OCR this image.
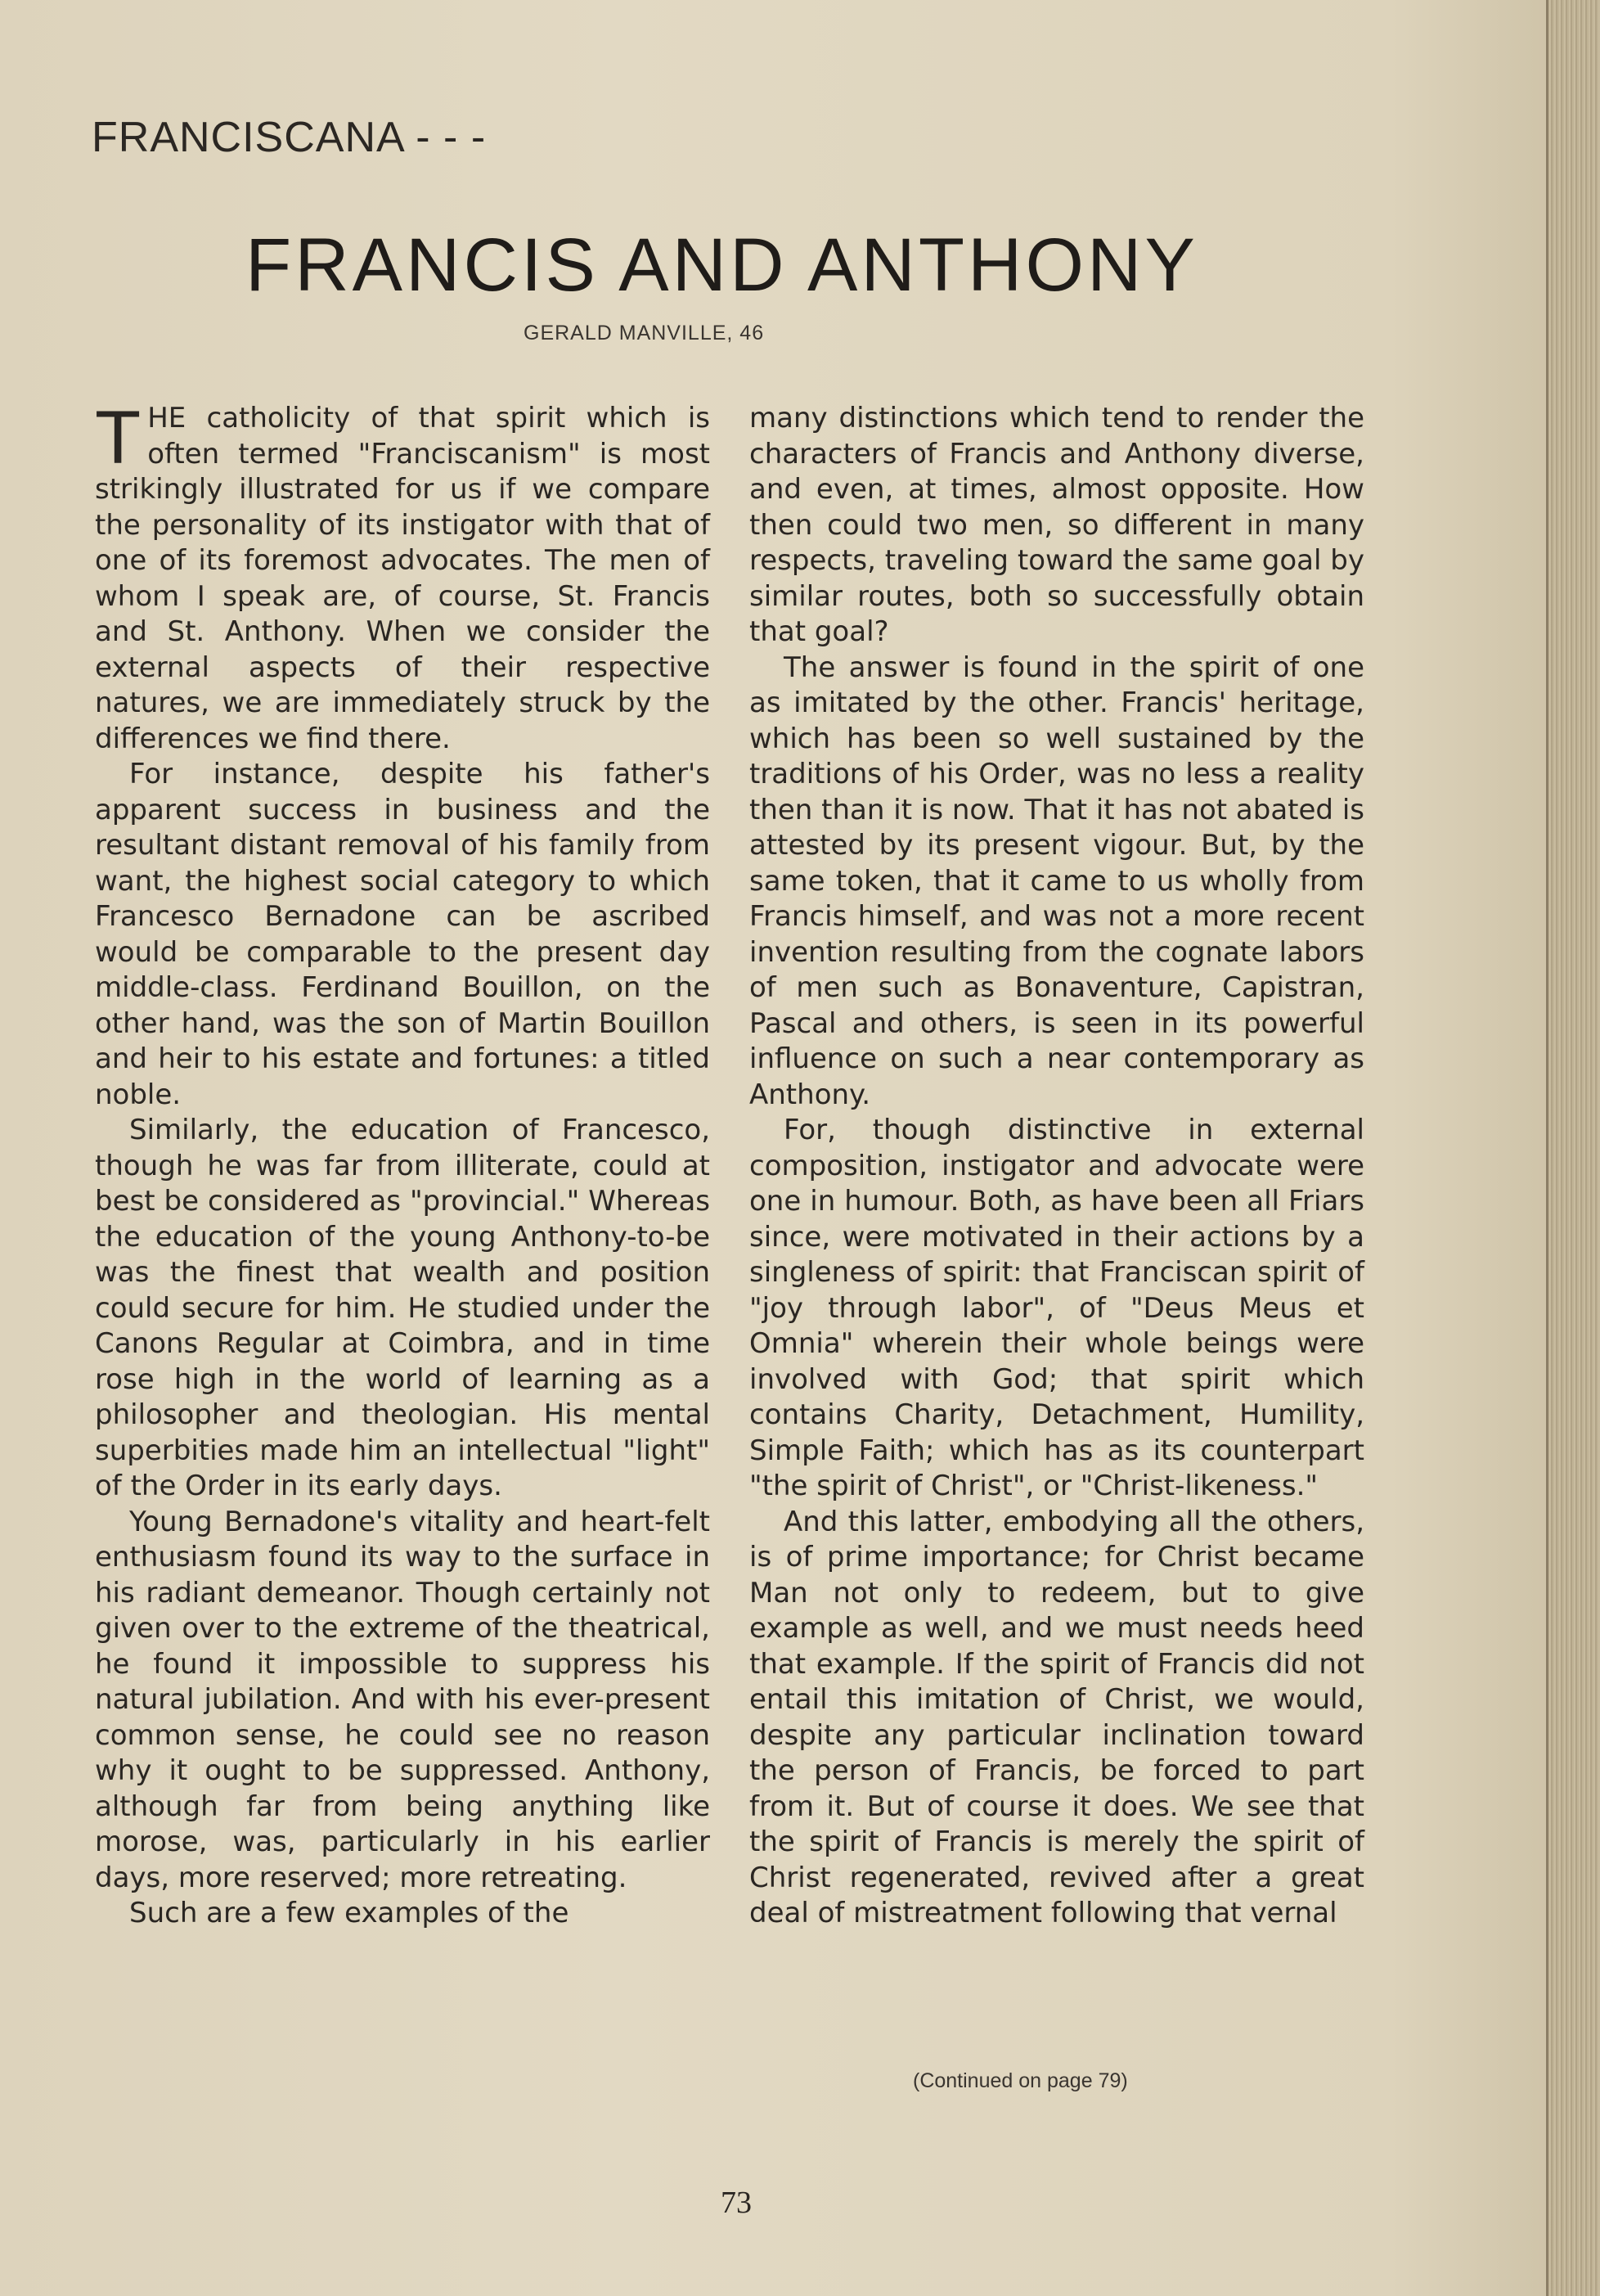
FRANCISCANA - - -
FRANCIS AND ANTHONY
GERALD MANVILLE, 46

THE catholicity of that spirit which is often termed "Franciscanism" is most strikingly illustrated for us if we compare the personality of its instigator with that of one of its foremost advocates. The men of whom I speak are, of course, St. Francis and St. Anthony. When we consider the external aspects of their respective natures, we are immediately struck by the differences we find there.

For instance, despite his father's apparent success in business and the resultant distant removal of his family from want, the highest social category to which Francesco Bernadone can be ascribed would be comparable to the present day middle-class. Ferdinand Bouillon, on the other hand, was the son of Martin Bouillon and heir to his estate and fortunes: a titled noble.

Similarly, the education of Francesco, though he was far from illiterate, could at best be considered as "provincial." Whereas the education of the young Anthony-to-be was the finest that wealth and position could secure for him. He studied under the Canons Regular at Coimbra, and in time rose high in the world of learning as a philosopher and theologian. His mental superbities made him an intellectual "light" of the Order in its early days.

Young Bernadone's vitality and heart-felt enthusiasm found its way to the surface in his radiant demeanor. Though certainly not given over to the extreme of the theatrical, he found it impossible to suppress his natural jubilation. And with his ever-present common sense, he could see no reason why it ought to be suppressed. Anthony, although far from being anything like morose, was, particularly in his earlier days, more reserved; more retreating.

Such are a few examples of the

many distinctions which tend to render the characters of Francis and Anthony diverse, and even, at times, almost opposite. How then could two men, so different in many respects, traveling toward the same goal by similar routes, both so successfully obtain that goal?

The answer is found in the spirit of one as imitated by the other. Francis' heritage, which has been so well sustained by the traditions of his Order, was no less a reality then than it is now. That it has not abated is attested by its present vigour. But, by the same token, that it came to us wholly from Francis himself, and was not a more recent invention resulting from the cognate labors of men such as Bonaventure, Capistran, Pascal and others, is seen in its powerful influence on such a near contemporary as Anthony.

For, though distinctive in external composition, instigator and advocate were one in humour. Both, as have been all Friars since, were motivated in their actions by a singleness of spirit: that Franciscan spirit of "joy through labor", of "Deus Meus et Omnia" wherein their whole beings were involved with God; that spirit which contains Charity, Detachment, Humility, Simple Faith; which has as its counterpart "the spirit of Christ", or "Christ-likeness."

And this latter, embodying all the others, is of prime importance; for Christ became Man not only to redeem, but to give example as well, and we must needs heed that example. If the spirit of Francis did not entail this imitation of Christ, we would, despite any particular inclination toward the person of Francis, be forced to part from it. But of course it does. We see that the spirit of Francis is merely the spirit of Christ regenerated, revived after a great deal of mistreatment following that vernal

(Continued on page 79)
73
